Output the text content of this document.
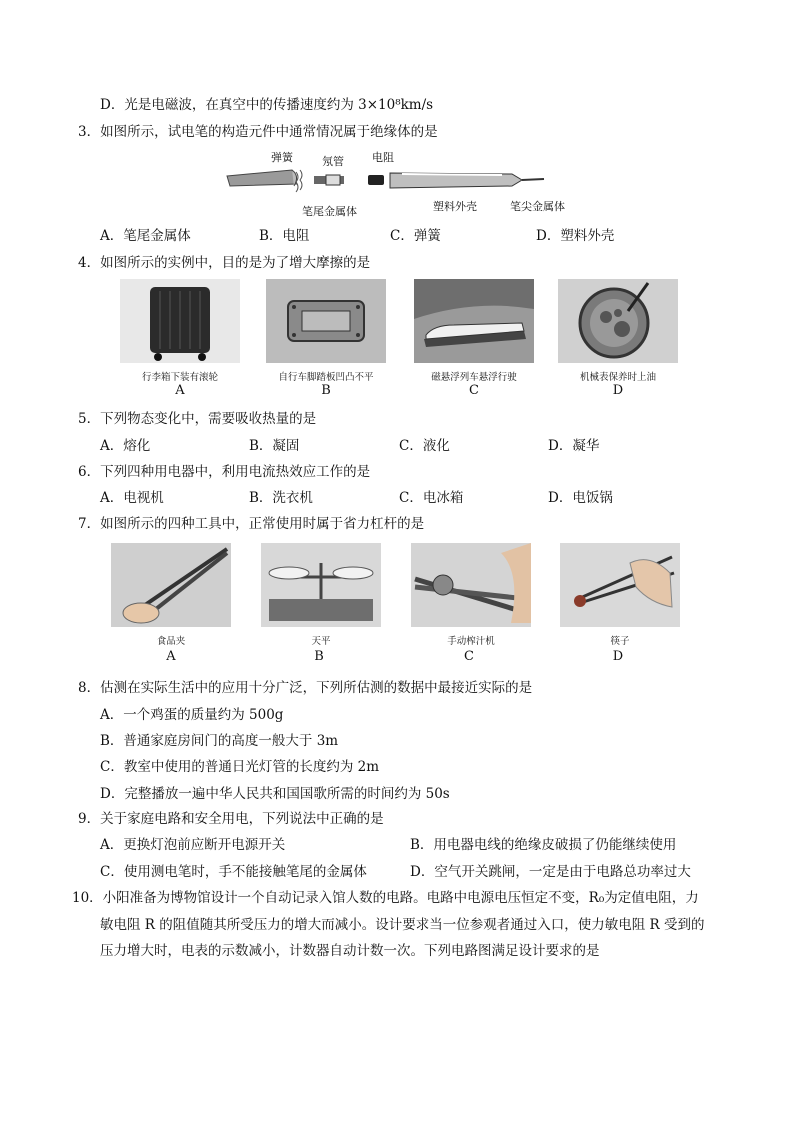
D．光是电磁波，在真空中的传播速度约为 3×10⁸km/s
3．如图所示，试电笔的构造元件中通常情况属于绝缘体的是
弹簧	氖管	电阻
笔尾金属体	塑料外壳	笔尖金属体
A．笔尾金属体	B．电阻	C．弹簧	D．塑料外壳
4．如图所示的实例中，目的是为了增大摩擦的是
行李箱下装有滚轮	自行车脚踏板凹凸不平	磁悬浮列车悬浮行驶	机械表保养时上油
A	B	C	D
5．下列物态变化中，需要吸收热量的是
A．熔化	B．凝固	C．液化	D．凝华
6．下列四种用电器中，利用电流热效应工作的是
A．电视机	B．洗衣机	C．电冰箱	D．电饭锅
7．如图所示的四种工具中，正常使用时属于省力杠杆的是
食品夹	天平	手动榨汁机	筷子
A	B	C	D
8．估测在实际生活中的应用十分广泛，下列所估测的数据中最接近实际的是
A．一个鸡蛋的质量约为 500g
B．普通家庭房间门的高度一般大于 3m
C．教室中使用的普通日光灯管的长度约为 2m
D．完整播放一遍中华人民共和国国歌所需的时间约为 50s
9．关于家庭电路和安全用电，下列说法中正确的是
A．更换灯泡前应断开电源开关	B．用电器电线的绝缘皮破损了仍能继续使用
C．使用测电笔时，手不能接触笔尾的金属体	D．空气开关跳闸，一定是由于电路总功率过大
10．小阳准备为博物馆设计一个自动记录入馆人数的电路。电路中电源电压恒定不变，R₀为定值电阻，力
敏电阻 R 的阻值随其所受压力的增大而减小。设计要求当一位参观者通过入口，使力敏电阻 R 受到的
压力增大时，电表的示数减小，计数器自动计数一次。下列电路图满足设计要求的是
